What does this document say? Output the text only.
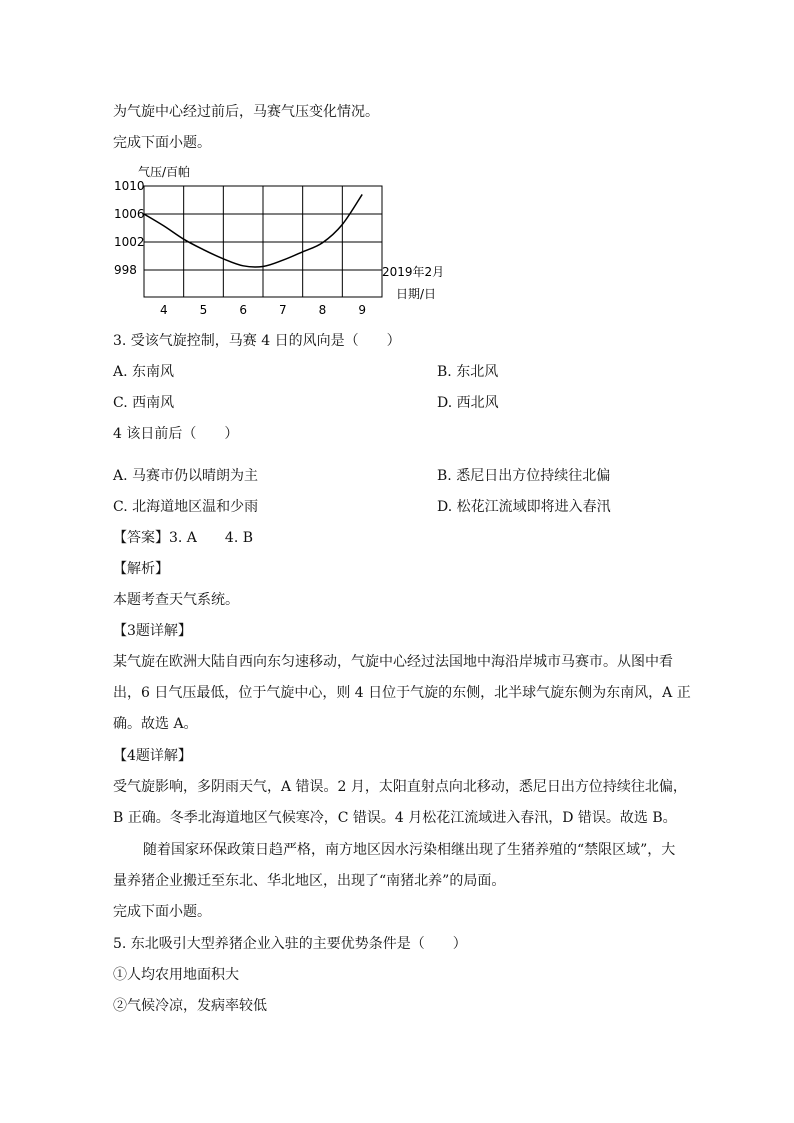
为气旋中心经过前后，马赛气压变化情况。
完成下面小题。
气压/百帕
1010
1006
1002
998
4	5	6	7	8	9
2019年2月
日期/日
3. 受该气旋控制，马赛 4 日的风向是（　　）
A. 东南风	B. 东北风
C. 西南风	D. 西北风
4 该日前后（　　）
A. 马赛市仍以晴朗为主	B. 悉尼日出方位持续往北偏
C. 北海道地区温和少雨	D. 松花江流域即将进入春汛
【答案】3. A　　4. B
【解析】
本题考查天气系统。
【3题详解】
某气旋在欧洲大陆自西向东匀速移动，气旋中心经过法国地中海沿岸城市马赛市。从图中看
出，6 日气压最低，位于气旋中心，则 4 日位于气旋的东侧，北半球气旋东侧为东南风，A 正
确。故选 A。
【4题详解】
受气旋影响，多阴雨天气，A 错误。2 月，太阳直射点向北移动，悉尼日出方位持续往北偏，
B 正确。冬季北海道地区气候寒冷，C 错误。4 月松花江流域进入春汛，D 错误。故选 B。
随着国家环保政策日趋严格，南方地区因水污染相继出现了生猪养殖的“禁限区域”，大
量养猪企业搬迁至东北、华北地区，出现了“南猪北养”的局面。
完成下面小题。
5. 东北吸引大型养猪企业入驻的主要优势条件是（　　）
①人均农用地面积大
②气候冷凉，发病率较低
